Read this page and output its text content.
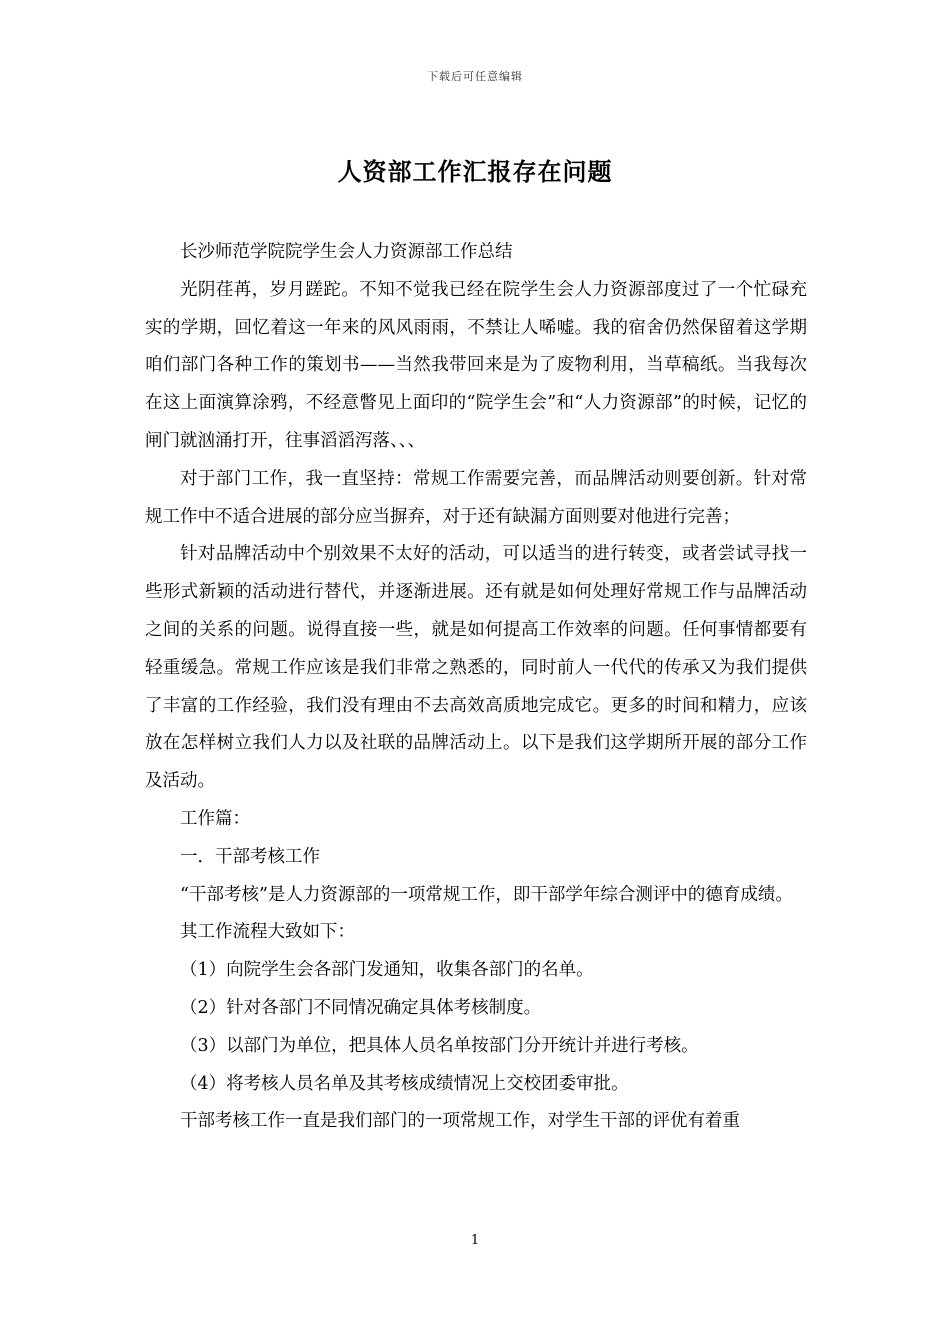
下载后可任意编辑
人资部工作汇报存在问题

长沙师范学院院学生会人力资源部工作总结

光阴荏苒，岁月蹉跎。不知不觉我已经在院学生会人力资源部度过了一个忙碌充实的学期，回忆着这一年来的风风雨雨，不禁让人唏嘘。我的宿舍仍然保留着这学期咱们部门各种工作的策划书——当然我带回来是为了废物利用，当草稿纸。当我每次在这上面演算涂鸦，不经意瞥见上面印的“院学生会”和“人力资源部”的时候，记忆的闸门就汹涌打开，往事滔滔泻落、、、

对于部门工作，我一直坚持：常规工作需要完善，而品牌活动则要创新。针对常规工作中不适合进展的部分应当摒弃，对于还有缺漏方面则要对他进行完善；

针对品牌活动中个别效果不太好的活动，可以适当的进行转变，或者尝试寻找一些形式新颖的活动进行替代，并逐渐进展。还有就是如何处理好常规工作与品牌活动之间的关系的问题。说得直接一些，就是如何提高工作效率的问题。任何事情都要有轻重缓急。常规工作应该是我们非常之熟悉的，同时前人一代代的传承又为我们提供了丰富的工作经验，我们没有理由不去高效高质地完成它。更多的时间和精力，应该放在怎样树立我们人力以及社联的品牌活动上。以下是我们这学期所开展的部分工作及活动。

工作篇：

一．干部考核工作

“干部考核”是人力资源部的一项常规工作，即干部学年综合测评中的德育成绩。

其工作流程大致如下：

（1）向院学生会各部门发通知，收集各部门的名单。

（2）针对各部门不同情况确定具体考核制度。

（3）以部门为单位，把具体人员名单按部门分开统计并进行考核。

（4）将考核人员名单及其考核成绩情况上交校团委审批。

干部考核工作一直是我们部门的一项常规工作，对学生干部的评优有着重

1
